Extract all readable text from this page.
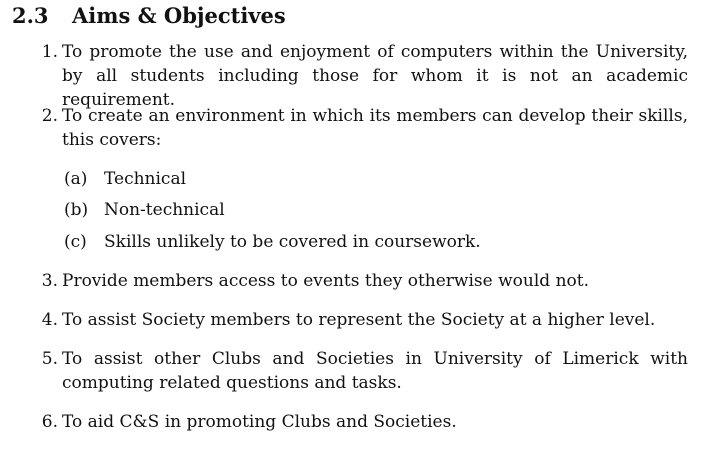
2.3 Aims & Objectives
1. To promote the use and enjoyment of computers within the University, by all students including those for whom it is not an academic requirement.
2. To create an environment in which its members can develop their skills, this covers:
(a) Technical
(b) Non-technical
(c) Skills unlikely to be covered in coursework.
3. Provide members access to events they otherwise would not.
4. To assist Society members to represent the Society at a higher level.
5. To assist other Clubs and Societies in University of Limerick with computing related questions and tasks.
6. To aid C&S in promoting Clubs and Societies.
